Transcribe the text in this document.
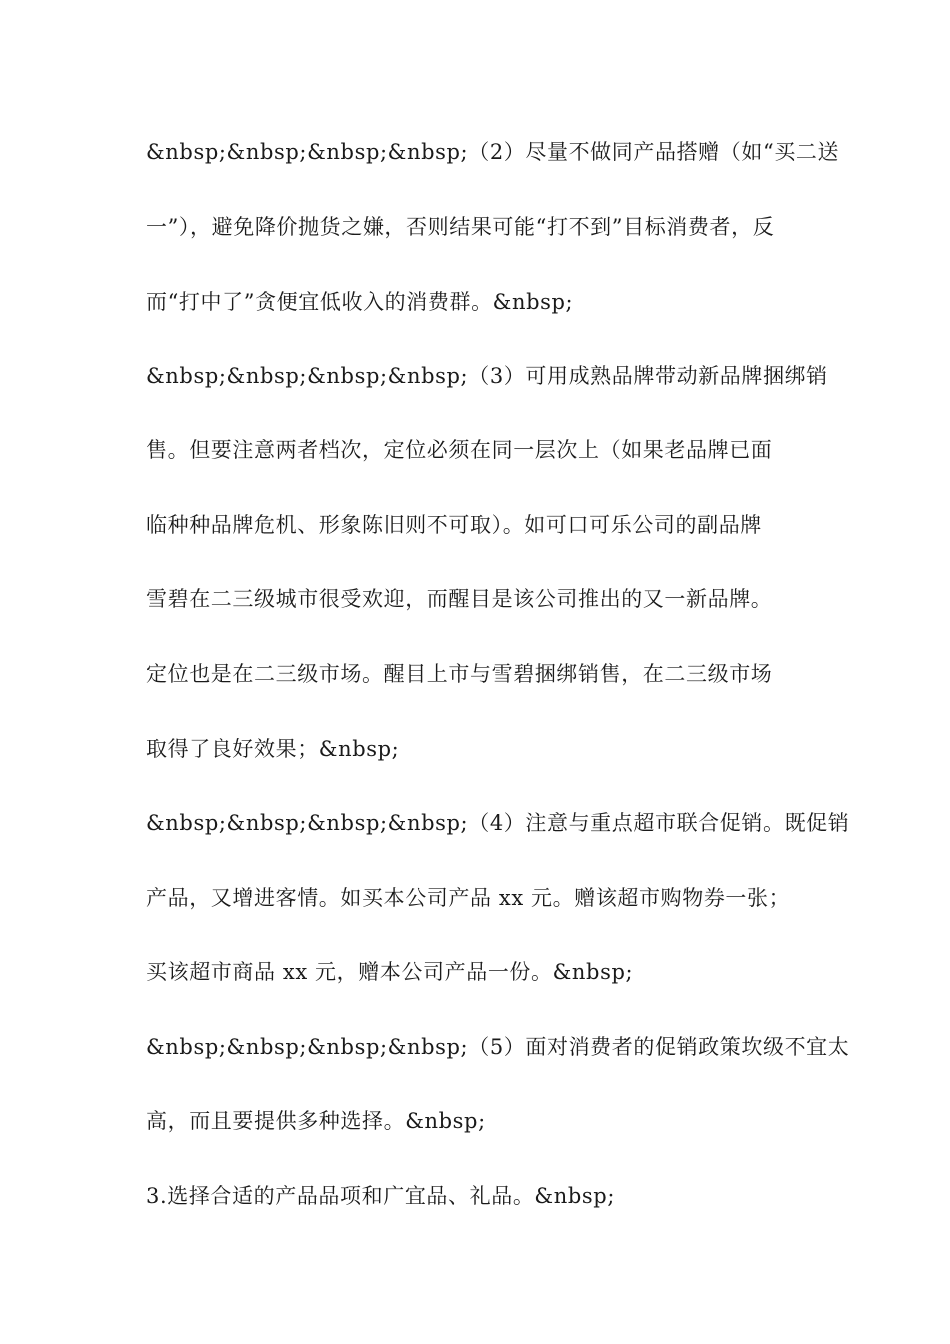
&nbsp;&nbsp;&nbsp;&nbsp;（2）尽量不做同产品搭赠（如“买二送

一”），避免降价抛货之嫌，否则结果可能“打不到”目标消费者，反

而“打中了”贪便宜低收入的消费群。&nbsp;

&nbsp;&nbsp;&nbsp;&nbsp;（3）可用成熟品牌带动新品牌捆绑销

售。但要注意两者档次，定位必须在同一层次上（如果老品牌已面

临种种品牌危机、形象陈旧则不可取）。如可口可乐公司的副品牌

雪碧在二三级城市很受欢迎，而醒目是该公司推出的又一新品牌。

定位也是在二三级市场。醒目上市与雪碧捆绑销售，在二三级市场

取得了良好效果；&nbsp;

&nbsp;&nbsp;&nbsp;&nbsp;（4）注意与重点超市联合促销。既促销

产品，又增进客情。如买本公司产品 xx 元。赠该超市购物券一张；

买该超市商品 xx 元，赠本公司产品一份。&nbsp;

&nbsp;&nbsp;&nbsp;&nbsp;（5）面对消费者的促销政策坎级不宜太

高，而且要提供多种选择。&nbsp;

3.选择合适的产品品项和广宜品、礼品。&nbsp;
